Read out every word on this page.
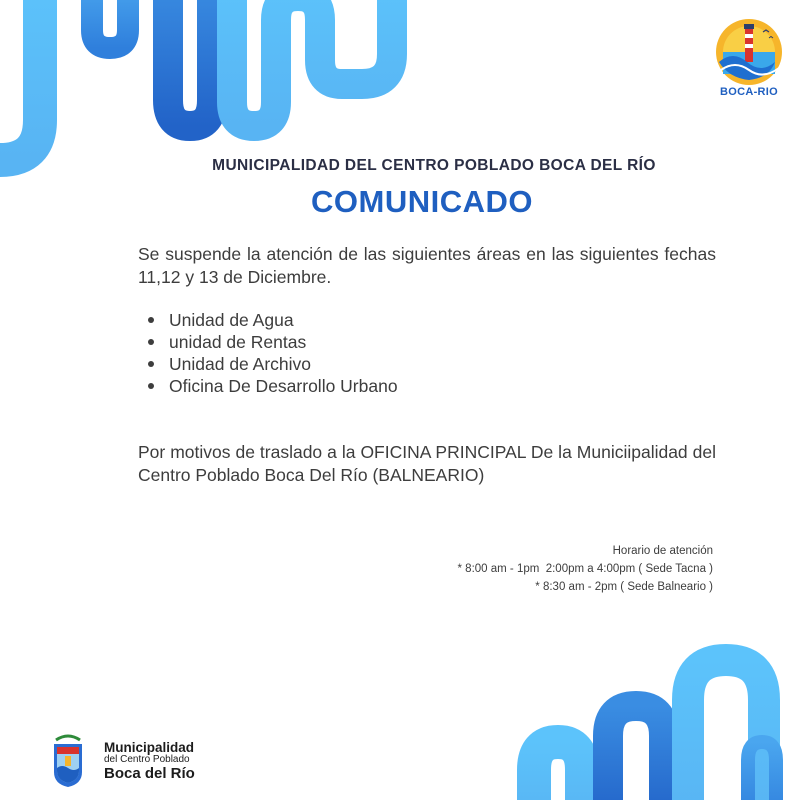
BOCA-RIO
MUNICIPALIDAD DEL CENTRO POBLADO BOCA DEL RÍO
COMUNICADO
Se suspende la atención de las siguientes áreas en las siguientes fechas 11,12 y 13 de Diciembre.
Unidad de Agua
unidad de Rentas
Unidad de Archivo
Oficina De Desarrollo Urbano
Por motivos de traslado a la OFICINA PRINCIPAL De la Municiipalidad del Centro Poblado Boca Del Río (BALNEARIO)
Horario de atención
* 8:00 am - 1pm  2:00pm a 4:00pm ( Sede Tacna )
* 8:30 am - 2pm ( Sede Balneario )
Municipalidad
del Centro Poblado
Boca del Río
